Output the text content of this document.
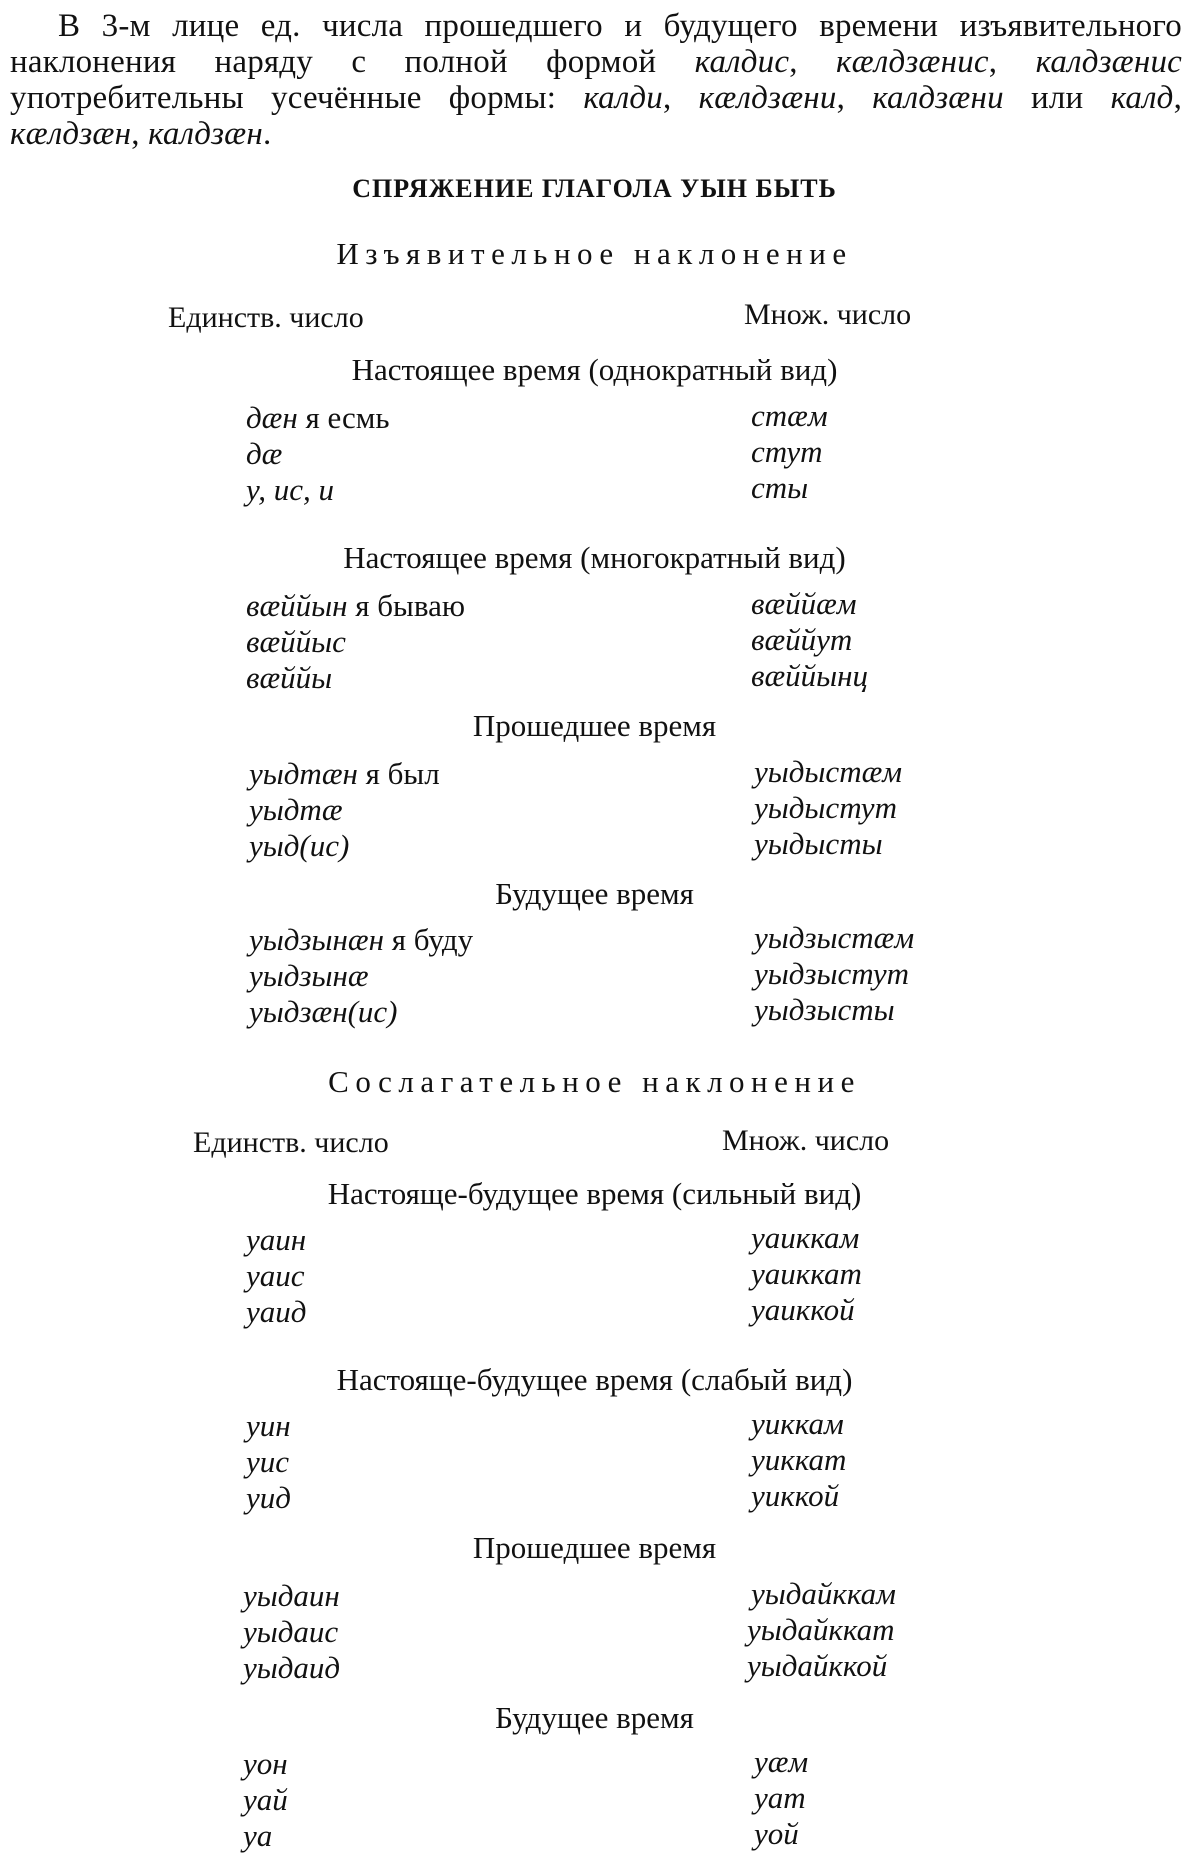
В 3-м лице ед. числа прошедшего и будущего времени изъявительного наклонения наряду с полной формой калдис, кæлдзæнис, калдзæнис употребительны усечённые формы: калди, кæлдзæни, калдзæни или калд, кæлдзæн, калдзæн.
СПРЯЖЕНИЕ ГЛАГОЛА УЫН БЫТЬ
Изъявительное наклонение
Единств. число	Множ. число
Настоящее время (однократный вид)
дæн я есмь
дæ
у, ис, и
стæм
стут
сты
Настоящее время (многократный вид)
вæййын я бываю
вæййыс
вæййы
вæййæм
вæййут
вæййынц
Прошедшее время
уыдтæн я был
уыдтæ
уыд(ис)
уыдыстæм
уыдыстут
уыдысты
Будущее время
уыдзынæн я буду
уыдзынæ
уыдзæн(ис)
уыдзыстæм
уыдзыстут
уыдзысты
Сослагательное наклонение
Единств. число	Множ. число
Настояще-будущее время (сильный вид)
уаин
уаис
уаид
уаиккам
уаиккат
уаиккой
Настояще-будущее время (слабый вид)
уин
уис
уид
уиккам
уиккат
уиккой
Прошедшее время
уыдаин
уыдаис
уыдаид
уыдайккам
уыдайккат
уыдайккой
Будущее время
уон
уай
уа
уæм
уат
уой
